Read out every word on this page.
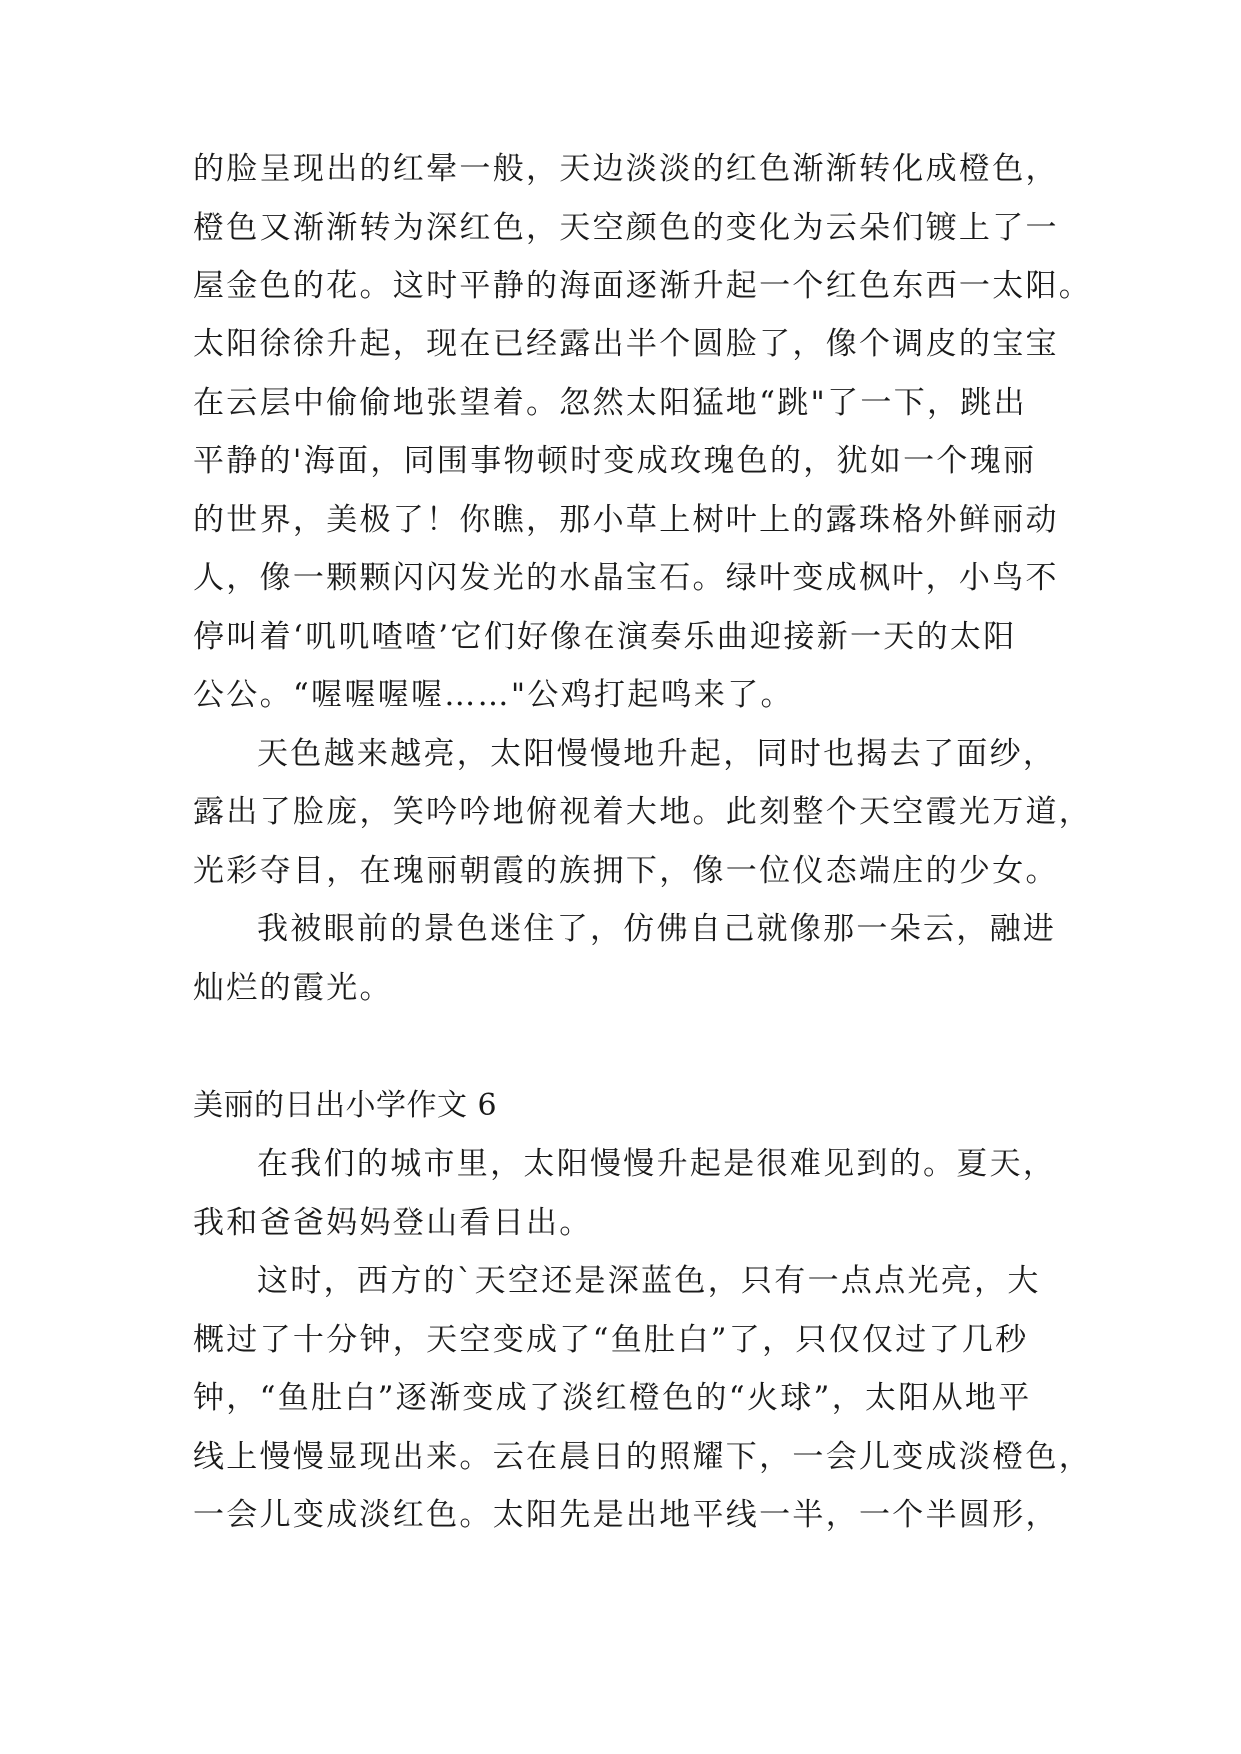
的脸呈现出的红晕一般，天边淡淡的红色渐渐转化成橙色，
橙色又渐渐转为深红色，天空颜色的变化为云朵们镀上了一
屋金色的花。这时平静的海面逐渐升起一个红色东西一太阳。
太阳徐徐升起，现在已经露出半个圆脸了，像个调皮的宝宝
在云层中偷偷地张望着。忽然太阳猛地“跳"了一下，跳出
平静的'海面，同围事物顿时变成玫瑰色的，犹如一个瑰丽
的世界，美极了！你瞧，那小草上树叶上的露珠格外鲜丽动
人，像一颗颗闪闪发光的水晶宝石。绿叶变成枫叶，小鸟不
停叫着‘叽叽喳喳’它们好像在演奏乐曲迎接新一天的太阳
公公。“喔喔喔喔……"公鸡打起鸣来了。
天色越来越亮，太阳慢慢地升起，同时也揭去了面纱，
露出了脸庞，笑吟吟地俯视着大地。此刻整个天空霞光万道，
光彩夺目，在瑰丽朝霞的族拥下，像一位仪态端庄的少女。
我被眼前的景色迷住了，仿佛自己就像那一朵云，融进
灿烂的霞光。
美丽的日出小学作文 6
在我们的城市里，太阳慢慢升起是很难见到的。夏天，
我和爸爸妈妈登山看日出。
这时，西方的`天空还是深蓝色，只有一点点光亮，大
概过了十分钟，天空变成了“鱼肚白”了，只仅仅过了几秒
钟，“鱼肚白”逐渐变成了淡红橙色的“火球”，太阳从地平
线上慢慢显现出来。云在晨日的照耀下，一会儿变成淡橙色，
一会儿变成淡红色。太阳先是出地平线一半，一个半圆形，
